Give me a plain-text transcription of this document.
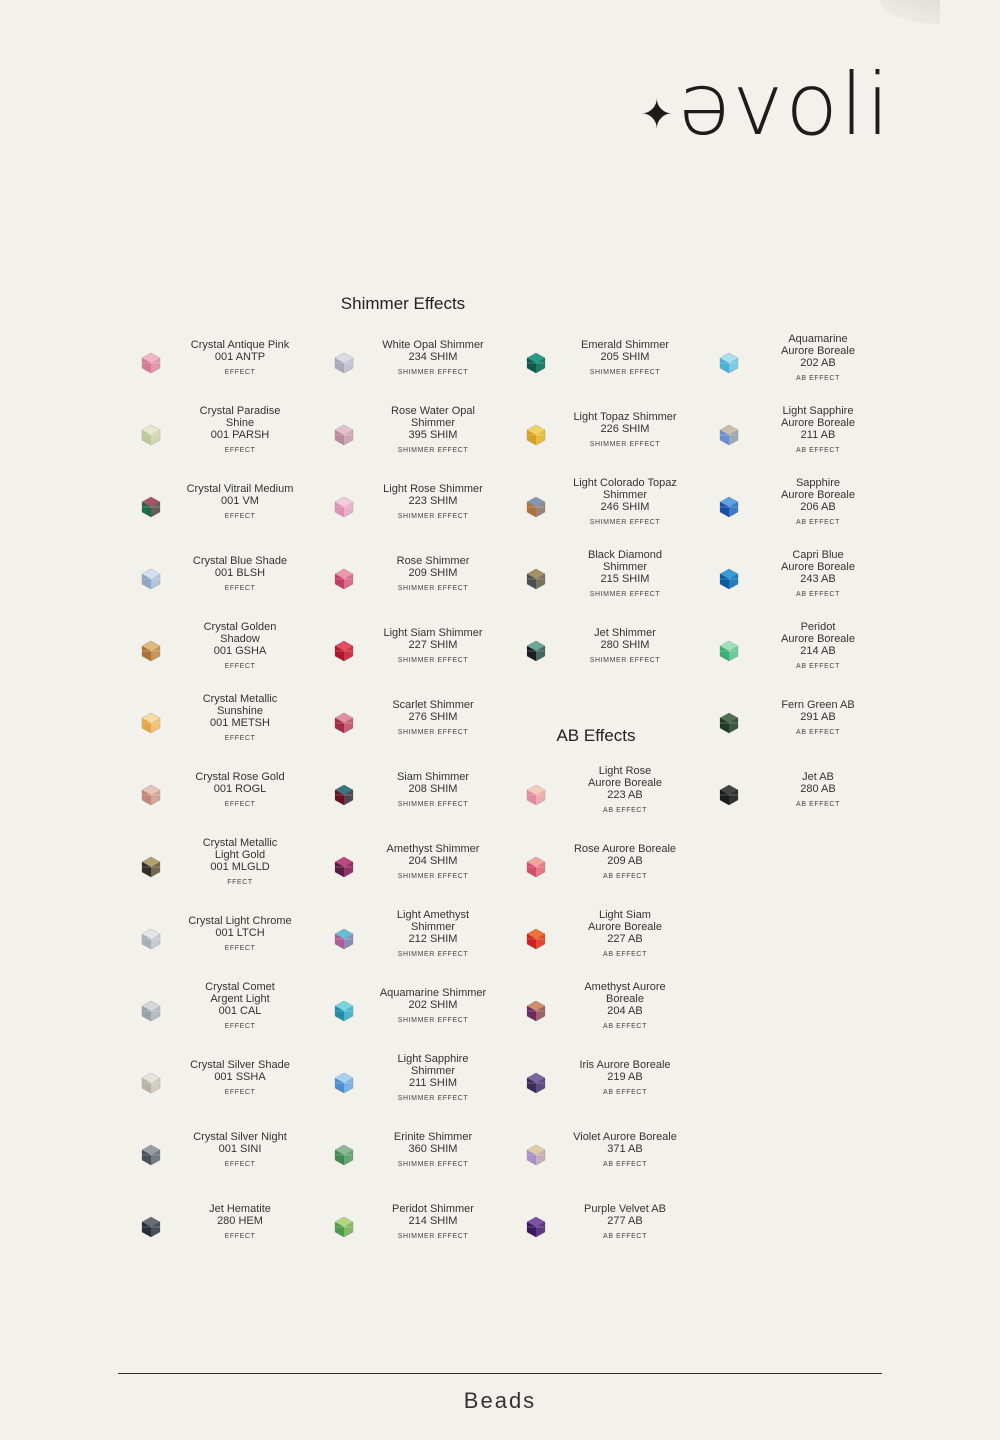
✦əvoli
Shimmer Effects
AB Effects
Crystal Antique Pink
001 ANTP
EFFECT
Crystal Paradise
Shine
001 PARSH
EFFECT
Crystal Vitrail Medium
001 VM
EFFECT
Crystal Blue Shade
001 BLSH
EFFECT
Crystal Golden
Shadow
001 GSHA
EFFECT
Crystal Metallic
Sunshine
001 METSH
EFFECT
Crystal Rose Gold
001 ROGL
EFFECT
Crystal Metallic
Light Gold
001 MLGLD
FFECT
Crystal Light Chrome
001 LTCH
EFFECT
Crystal Comet
Argent Light
001 CAL
EFFECT
Crystal Silver Shade
001 SSHA
EFFECT
Crystal Silver Night
001 SINI
EFFECT
Jet Hematite
280 HEM
EFFECT
White Opal Shimmer
234 SHIM
SHIMMER EFFECT
Rose Water Opal
Shimmer
395 SHIM
SHIMMER EFFECT
Light Rose Shimmer
223 SHIM
SHIMMER EFFECT
Rose Shimmer
209 SHIM
SHIMMER EFFECT
Light Siam Shimmer
227 SHIM
SHIMMER EFFECT
Scarlet Shimmer
276 SHIM
SHIMMER EFFECT
Siam Shimmer
208 SHIM
SHIMMER EFFECT
Amethyst Shimmer
204 SHIM
SHIMMER EFFECT
Light Amethyst
Shimmer
212 SHIM
SHIMMER EFFECT
Aquamarine Shimmer
202 SHIM
SHIMMER EFFECT
Light Sapphire
Shimmer
211 SHIM
SHIMMER EFFECT
Erinite Shimmer
360 SHIM
SHIMMER EFFECT
Peridot Shimmer
214 SHIM
SHIMMER EFFECT
Emerald Shimmer
205 SHIM
SHIMMER EFFECT
Light Topaz Shimmer
226 SHIM
SHIMMER EFFECT
Light Colorado Topaz
Shimmer
246 SHIM
SHIMMER EFFECT
Black Diamond
Shimmer
215 SHIM
SHIMMER EFFECT
Jet Shimmer
280 SHIM
SHIMMER EFFECT
Light Rose
Aurore Boreale
223 AB
AB EFFECT
Rose Aurore Boreale
209 AB
AB EFFECT
Light Siam
Aurore Boreale
227 AB
AB EFFECT
Amethyst Aurore
Boreale
204 AB
AB EFFECT
Iris Aurore Boreale
219 AB
AB EFFECT
Violet Aurore Boreale
371 AB
AB EFFECT
Purple Velvet AB
277 AB
AB EFFECT
Aquamarine
Aurore Boreale
202 AB
AB EFFECT
Light Sapphire
Aurore Boreale
211 AB
AB EFFECT
Sapphire
Aurore Boreale
206 AB
AB EFFECT
Capri Blue
Aurore Boreale
243 AB
AB EFFECT
Peridot
Aurore Boreale
214 AB
AB EFFECT
Fern Green AB
291 AB
AB EFFECT
Jet AB
280 AB
AB EFFECT
Beads
